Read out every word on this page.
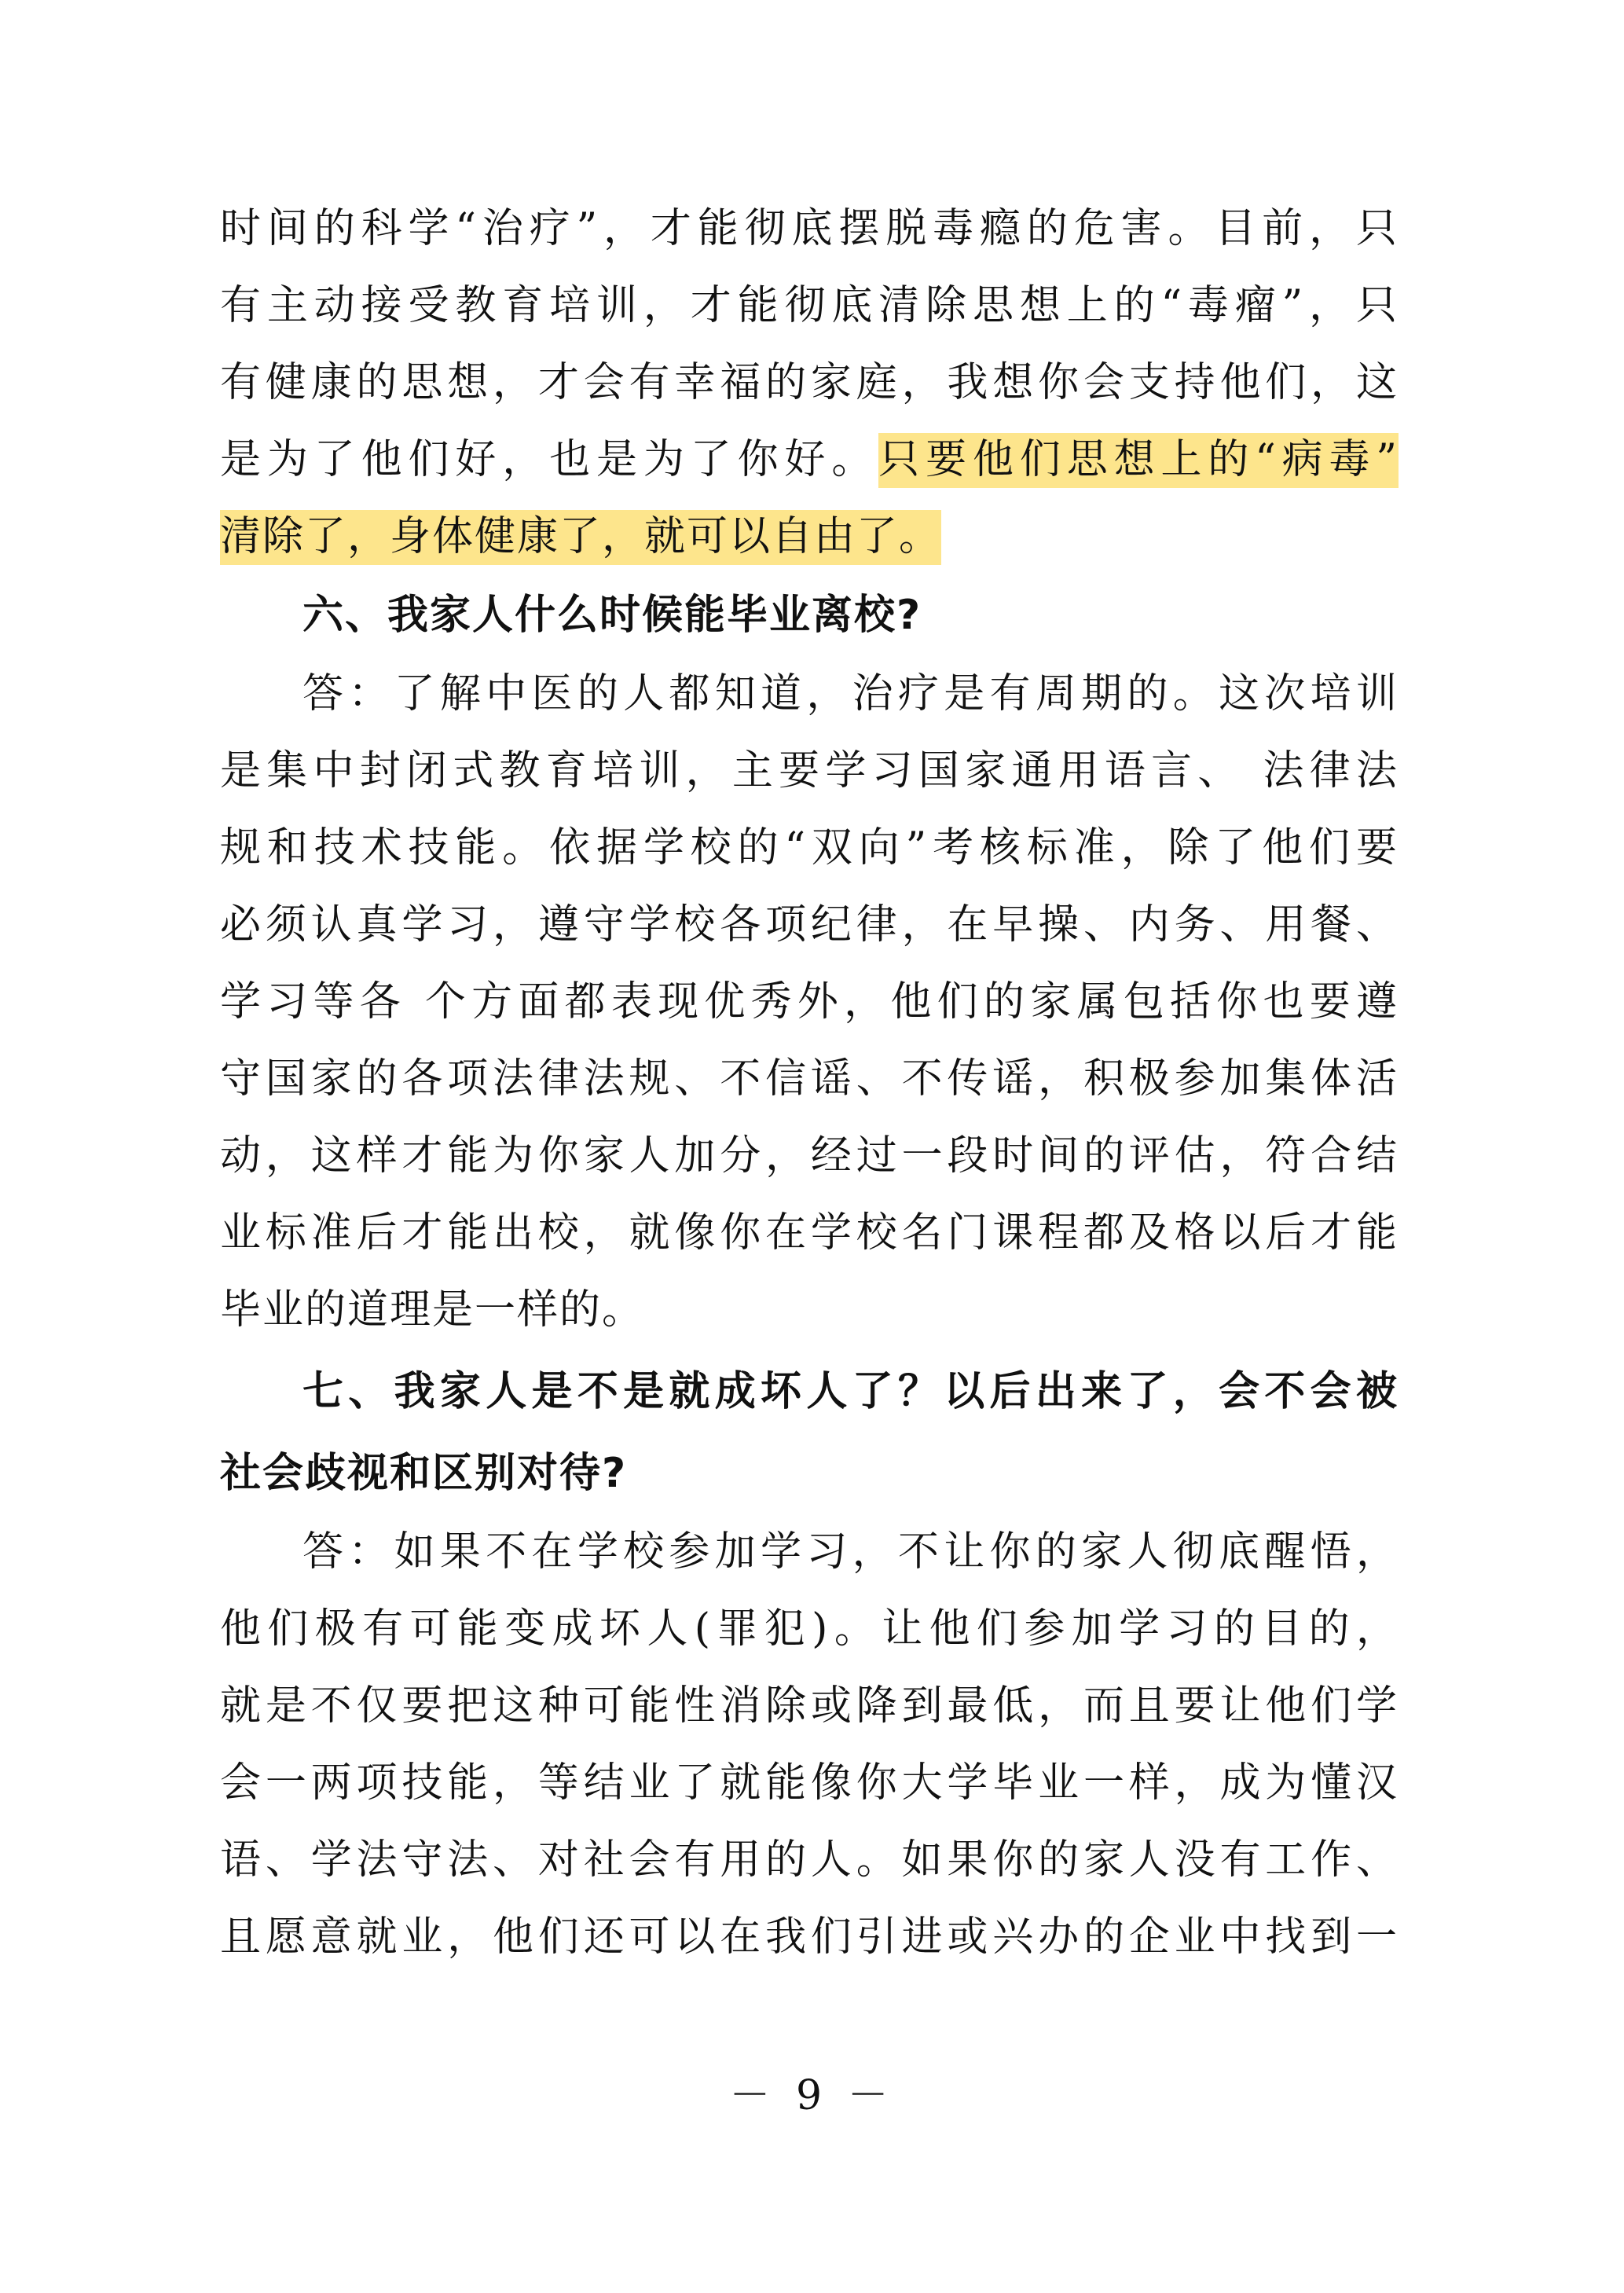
时间的科学“治疗”，才能彻底摆脱毒瘾的危害。目前，只
有主动接受教育培训，才能彻底清除思想上的“毒瘤”，只
有健康的思想，才会有幸福的家庭，我想你会支持他们，这
是为了他们好，也是为了你好。只要他们思想上的“病毒”
清除了，身体健康了，就可以自由了。
六、我家人什么时候能毕业离校?
答：了解中医的人都知道，治疗是有周期的。这次培训
是集中封闭式教育培训，主要学习国家通用语言、 法律法
规和技术技能。依据学校的“双向”考核标准，除了他们要
必须认真学习，遵守学校各项纪律，在早操、内务、用餐、
学习等各 个方面都表现优秀外，他们的家属包括你也要遵
守国家的各项法律法规、不信谣、不传谣，积极参加集体活
动，这样才能为你家人加分，经过一段时间的评估，符合结
业标准后才能出校，就像你在学校名门课程都及格以后才能
毕业的道理是一样的。
七、我家人是不是就成坏人了？以后出来了，会不会被
社会歧视和区别对待?
答：如果不在学校参加学习，不让你的家人彻底醒悟，
他们极有可能变成坏人(罪犯)。让他们参加学习的目的，
就是不仅要把这种可能性消除或降到最低，而且要让他们学
会一两项技能，等结业了就能像你大学毕业一样，成为懂汉
语、学法守法、对社会有用的人。如果你的家人没有工作、
且愿意就业，他们还可以在我们引进或兴办的企业中找到一
－ 9 －
